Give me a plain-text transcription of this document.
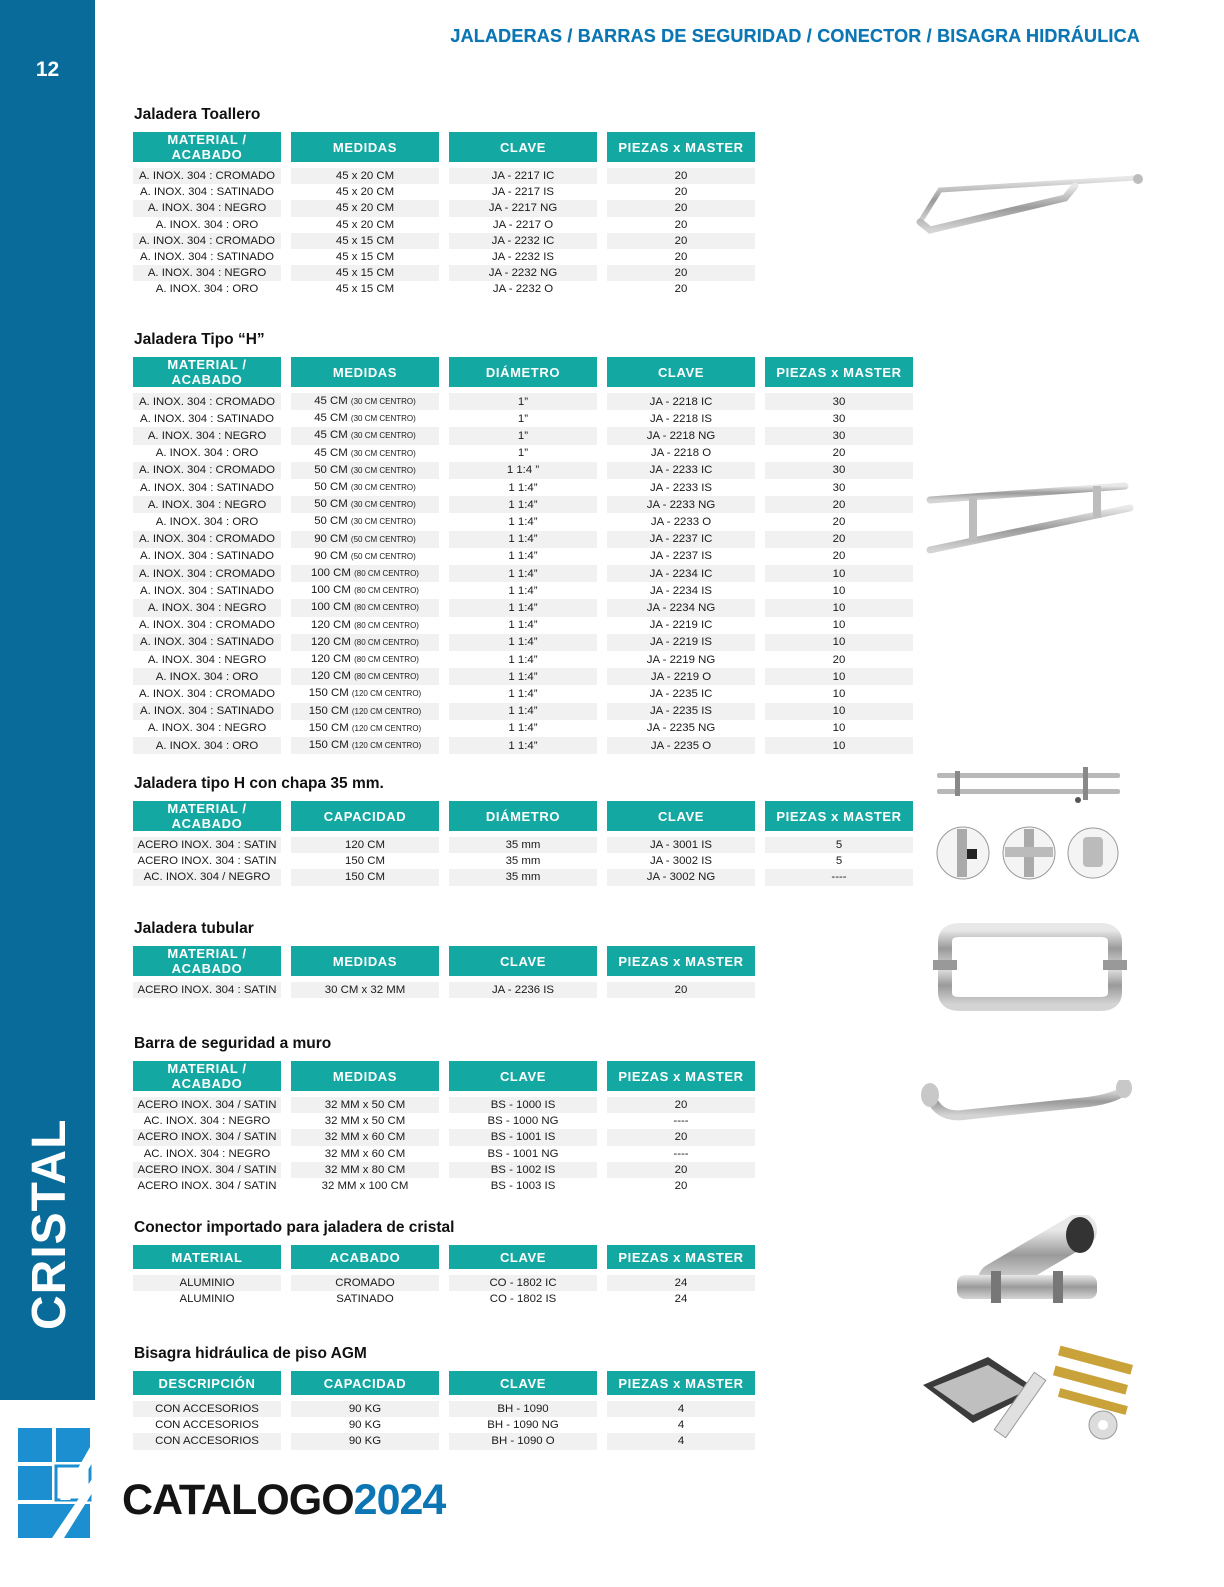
12
CRISTAL
JALADERAS / BARRAS DE SEGURIDAD / CONECTOR / BISAGRA HIDRÁULICA
Jaladera Toallero
MATERIAL / ACABADO	MEDIDAS	CLAVE	PIEZAS x MASTER
A. INOX. 304 : CROMADO	45 x 20 CM	JA - 2217 IC	20
A. INOX. 304 : SATINADO	45 x 20 CM	JA - 2217 IS	20
A. INOX. 304 : NEGRO	45 x 20 CM	JA - 2217 NG	20
A. INOX. 304 : ORO	45 x 20 CM	JA - 2217 O	20
A. INOX. 304 : CROMADO	45 x 15 CM	JA - 2232 IC	20
A. INOX. 304 : SATINADO	45 x 15 CM	JA - 2232 IS	20
A. INOX. 304 : NEGRO	45 x 15 CM	JA - 2232 NG	20
A. INOX. 304 : ORO	45 x 15 CM	JA - 2232 O	20
Jaladera Tipo “H”
MATERIAL / ACABADO	MEDIDAS	DIÁMETRO	CLAVE	PIEZAS x MASTER
A. INOX. 304 : CROMADO	45 CM (30 CM CENTRO)	1”	JA - 2218 IC	30
A. INOX. 304 : SATINADO	45 CM (30 CM CENTRO)	1”	JA - 2218 IS	30
A. INOX. 304 : NEGRO	45 CM (30 CM CENTRO)	1”	JA - 2218 NG	30
A. INOX. 304 : ORO	45 CM (30 CM CENTRO)	1”	JA - 2218 O	20
A. INOX. 304 : CROMADO	50 CM (30 CM CENTRO)	1 1:4 ”	JA - 2233 IC	30
A. INOX. 304 : SATINADO	50 CM (30 CM CENTRO)	1 1:4”	JA - 2233 IS	30
A. INOX. 304 : NEGRO	50 CM (30 CM CENTRO)	1 1:4”	JA - 2233 NG	20
A. INOX. 304 : ORO	50 CM (30 CM CENTRO)	1 1:4”	JA - 2233 O	20
A. INOX. 304 : CROMADO	90 CM (50 CM CENTRO)	1 1:4”	JA - 2237 IC	20
A. INOX. 304 : SATINADO	90 CM (50 CM CENTRO)	1 1:4”	JA - 2237 IS	20
A. INOX. 304 : CROMADO	100 CM (80 CM CENTRO)	1 1:4”	JA - 2234 IC	10
A. INOX. 304 : SATINADO	100 CM (80 CM CENTRO)	1 1:4”	JA - 2234 IS	10
A. INOX. 304 : NEGRO	100 CM (80 CM CENTRO)	1 1:4”	JA - 2234 NG	10
A. INOX. 304 : CROMADO	120 CM (80 CM CENTRO)	1 1:4”	JA - 2219 IC	10
A. INOX. 304 : SATINADO	120 CM (80 CM CENTRO)	1 1:4”	JA - 2219 IS	10
A. INOX. 304 : NEGRO	120 CM (80 CM CENTRO)	1 1:4”	JA - 2219 NG	20
A. INOX. 304 : ORO	120 CM (80 CM CENTRO)	1 1:4”	JA - 2219 O	10
A. INOX. 304 : CROMADO	150 CM (120 CM CENTRO)	1 1:4”	JA - 2235 IC	10
A. INOX. 304 : SATINADO	150 CM (120 CM CENTRO)	1 1:4”	JA - 2235 IS	10
A. INOX. 304 : NEGRO	150 CM (120 CM CENTRO)	1 1:4”	JA - 2235 NG	10
A. INOX. 304 : ORO	150 CM (120 CM CENTRO)	1 1:4”	JA - 2235 O	10
Jaladera tipo H con chapa 35 mm.
MATERIAL / ACABADO	CAPACIDAD	DIÁMETRO	CLAVE	PIEZAS x MASTER
ACERO INOX. 304 : SATIN	120 CM	35 mm	JA - 3001 IS	5
ACERO INOX. 304 : SATIN	150 CM	35 mm	JA - 3002 IS	5
AC. INOX. 304 / NEGRO	150 CM	35 mm	JA - 3002 NG	----
Jaladera tubular
MATERIAL / ACABADO	MEDIDAS	CLAVE	PIEZAS x MASTER
ACERO INOX. 304 : SATIN	30 CM x 32 MM	JA - 2236 IS	20
Barra de seguridad a muro
MATERIAL / ACABADO	MEDIDAS	CLAVE	PIEZAS x MASTER
ACERO INOX. 304 / SATIN	32 MM x 50 CM	BS - 1000 IS	20
AC. INOX. 304 : NEGRO	32 MM x 50 CM	BS - 1000 NG	----
ACERO INOX. 304 / SATIN	32 MM x 60 CM	BS - 1001 IS	20
AC. INOX. 304 : NEGRO	32 MM x 60 CM	BS - 1001 NG	----
ACERO INOX. 304 / SATIN	32 MM x 80 CM	BS - 1002 IS	20
ACERO INOX. 304 / SATIN	32 MM x 100 CM	BS - 1003 IS	20
Conector importado para jaladera de cristal
MATERIAL	ACABADO	CLAVE	PIEZAS x MASTER
ALUMINIO	CROMADO	CO - 1802 IC	24
ALUMINIO	SATINADO	CO - 1802 IS	24
Bisagra hidráulica de piso AGM
DESCRIPCIÓN	CAPACIDAD	CLAVE	PIEZAS x MASTER
CON ACCESORIOS	90 KG	BH - 1090	4
CON ACCESORIOS	90 KG	BH - 1090 NG	4
CON ACCESORIOS	90 KG	BH - 1090 O	4
CATALOGO2024
